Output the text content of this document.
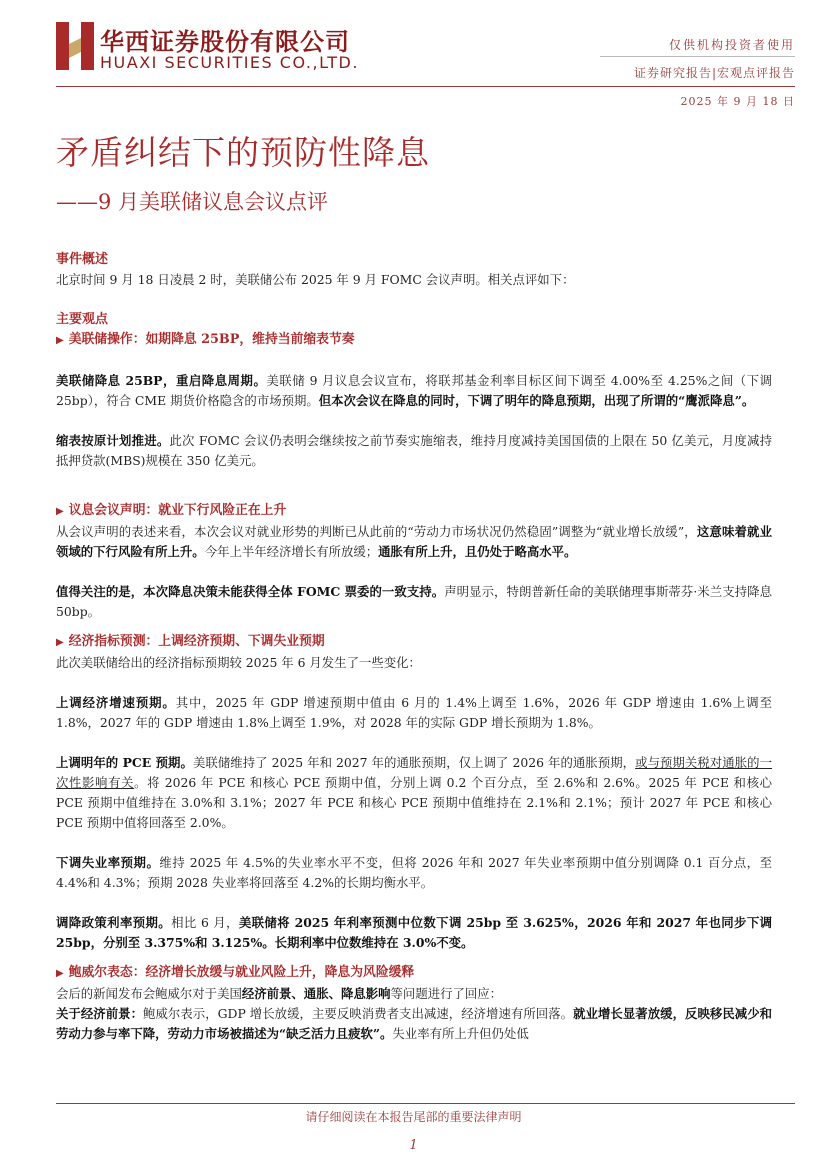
华西证券股份有限公司
HUAXI SECURITIES CO.,LTD.
仅供机构投资者使用
证券研究报告|宏观点评报告
2025 年 9 月 18 日
矛盾纠结下的预防性降息
——9 月美联储议息会议点评

事件概述

北京时间 9 月 18 日凌晨 2 时，美联储公布 2025 年 9 月 FOMC 会议声明。相关点评如下：

主要观点

▶ 美联储操作：如期降息 25BP，维持当前缩表节奏

美联储降息 25BP，重启降息周期。美联储 9 月议息会议宣布，将联邦基金利率目标区间下调至 4.00%至 4.25%之间（下调 25bp），符合 CME 期货价格隐含的市场预期。但本次会议在降息的同时，下调了明年的降息预期，出现了所谓的“鹰派降息”。

缩表按原计划推进。此次 FOMC 会议仍表明会继续按之前节奏实施缩表，维持月度减持美国国债的上限在 50 亿美元，月度减持抵押贷款(MBS)规模在 350 亿美元。

▶ 议息会议声明：就业下行风险正在上升

从会议声明的表述来看，本次会议对就业形势的判断已从此前的“劳动力市场状况仍然稳固”调整为“就业增长放缓”，这意味着就业领域的下行风险有所上升。今年上半年经济增长有所放缓；通胀有所上升，且仍处于略高水平。

值得关注的是，本次降息决策未能获得全体 FOMC 票委的一致支持。声明显示，特朗普新任命的美联储理事斯蒂芬·米兰支持降息 50bp。

▶ 经济指标预测：上调经济预期、下调失业预期

此次美联储给出的经济指标预期较 2025 年 6 月发生了一些变化：

上调经济增速预期。其中，2025 年 GDP 增速预期中值由 6 月的 1.4%上调至 1.6%，2026 年 GDP 增速由 1.6%上调至 1.8%，2027 年的 GDP 增速由 1.8%上调至 1.9%，对 2028 年的实际 GDP 增长预期为 1.8%。

上调明年的 PCE 预期。美联储维持了 2025 年和 2027 年的通胀预期，仅上调了 2026 年的通胀预期，或与预期关税对通胀的一次性影响有关。将 2026 年 PCE 和核心 PCE 预期中值，分别上调 0.2 个百分点，至 2.6%和 2.6%。2025 年 PCE 和核心 PCE 预期中值维持在 3.0%和 3.1%；2027 年 PCE 和核心 PCE 预期中值维持在 2.1%和 2.1%；预计 2027 年 PCE 和核心 PCE 预期中值将回落至 2.0%。

下调失业率预期。维持 2025 年 4.5%的失业率水平不变，但将 2026 年和 2027 年失业率预期中值分别调降 0.1 百分点，至 4.4%和 4.3%；预期 2028 失业率将回落至 4.2%的长期均衡水平。

调降政策利率预期。相比 6 月，美联储将 2025 年利率预测中位数下调 25bp 至 3.625%，2026 年和 2027 年也同步下调 25bp，分别至 3.375%和 3.125%。长期利率中位数维持在 3.0%不变。

▶ 鲍威尔表态：经济增长放缓与就业风险上升，降息为风险缓释

会后的新闻发布会鲍威尔对于美国经济前景、通胀、降息影响等问题进行了回应：

关于经济前景：鲍威尔表示，GDP 增长放缓，主要反映消费者支出减速，经济增速有所回落。就业增长显著放缓，反映移民减少和劳动力参与率下降，劳动力市场被描述为“缺乏活力且疲软”。失业率有所上升但仍处低

请仔细阅读在本报告尾部的重要法律声明
1
